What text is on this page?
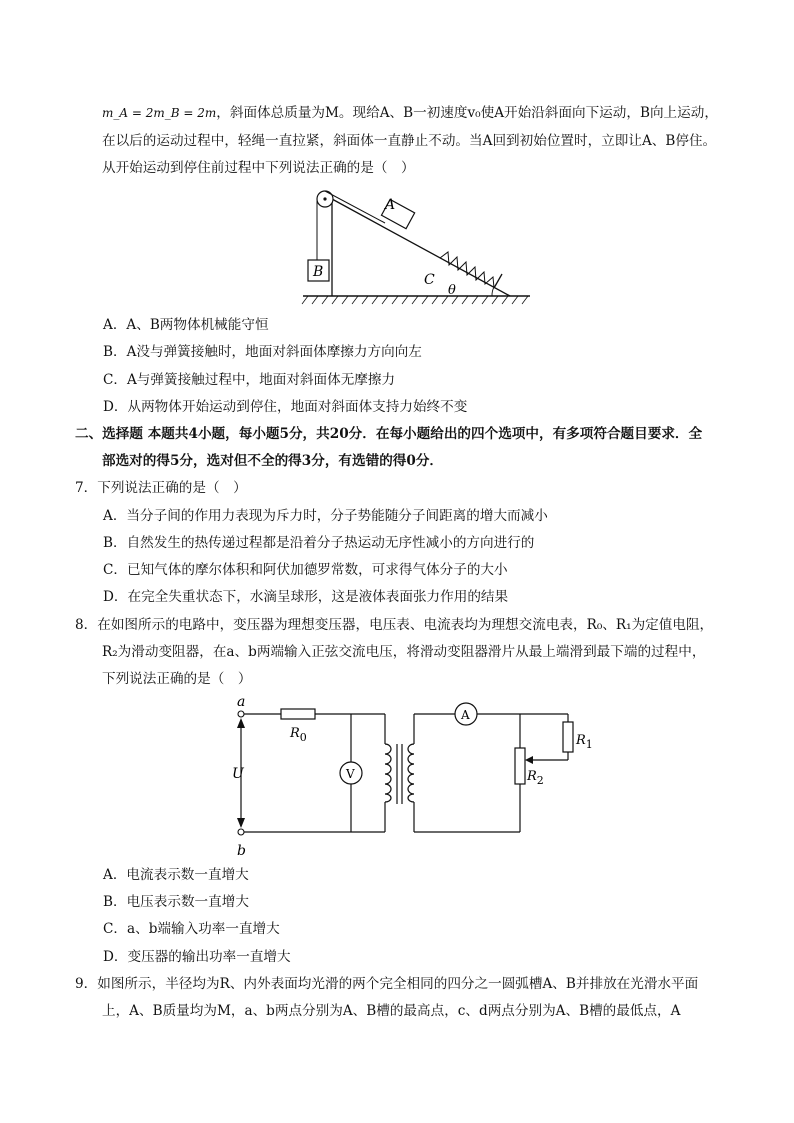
m_A = 2m_B = 2m，斜面体总质量为M。现给A、B一初速度v₀使A开始沿斜面向下运动，B向上运动，
在以后的运动过程中，轻绳一直拉紧，斜面体一直静止不动。当A回到初始位置时，立即让A、B停住。
从开始运动到停住前过程中下列说法正确的是（　）
B
A
C
θ
A．A、B两物体机械能守恒
B．A没与弹簧接触时，地面对斜面体摩擦力方向向左
C．A与弹簧接触过程中，地面对斜面体无摩擦力
D．从两物体开始运动到停住，地面对斜面体支持力始终不变
二、选择题 本题共4小题，每小题5分，共20分．在每小题给出的四个选项中，有多项符合题目要求．全
部选对的得5分，选对但不全的得3分，有选错的得0分．
7．下列说法正确的是（　）
A．当分子间的作用力表现为斥力时，分子势能随分子间距离的增大而减小
B．自然发生的热传递过程都是沿着分子热运动无序性减小的方向进行的
C．已知气体的摩尔体积和阿伏加德罗常数，可求得气体分子的大小
D．在完全失重状态下，水滴呈球形，这是液体表面张力作用的结果
8．在如图所示的电路中，变压器为理想变压器，电压表、电流表均为理想交流电表，R₀、R₁为定值电阻，
R₂为滑动变阻器，在a、b两端输入正弦交流电压，将滑动变阻器滑片从最上端滑到最下端的过程中，
下列说法正确的是（　）
a
b
U
$R_0$
V
A
$R_1$
$R_2$
A．电流表示数一直增大
B．电压表示数一直增大
C．a、b端输入功率一直增大
D．变压器的输出功率一直增大
9．如图所示，半径均为R、内外表面均光滑的两个完全相同的四分之一圆弧槽A、B并排放在光滑水平面
上，A、B质量均为M，a、b两点分别为A、B槽的最高点，c、d两点分别为A、B槽的最低点，A
